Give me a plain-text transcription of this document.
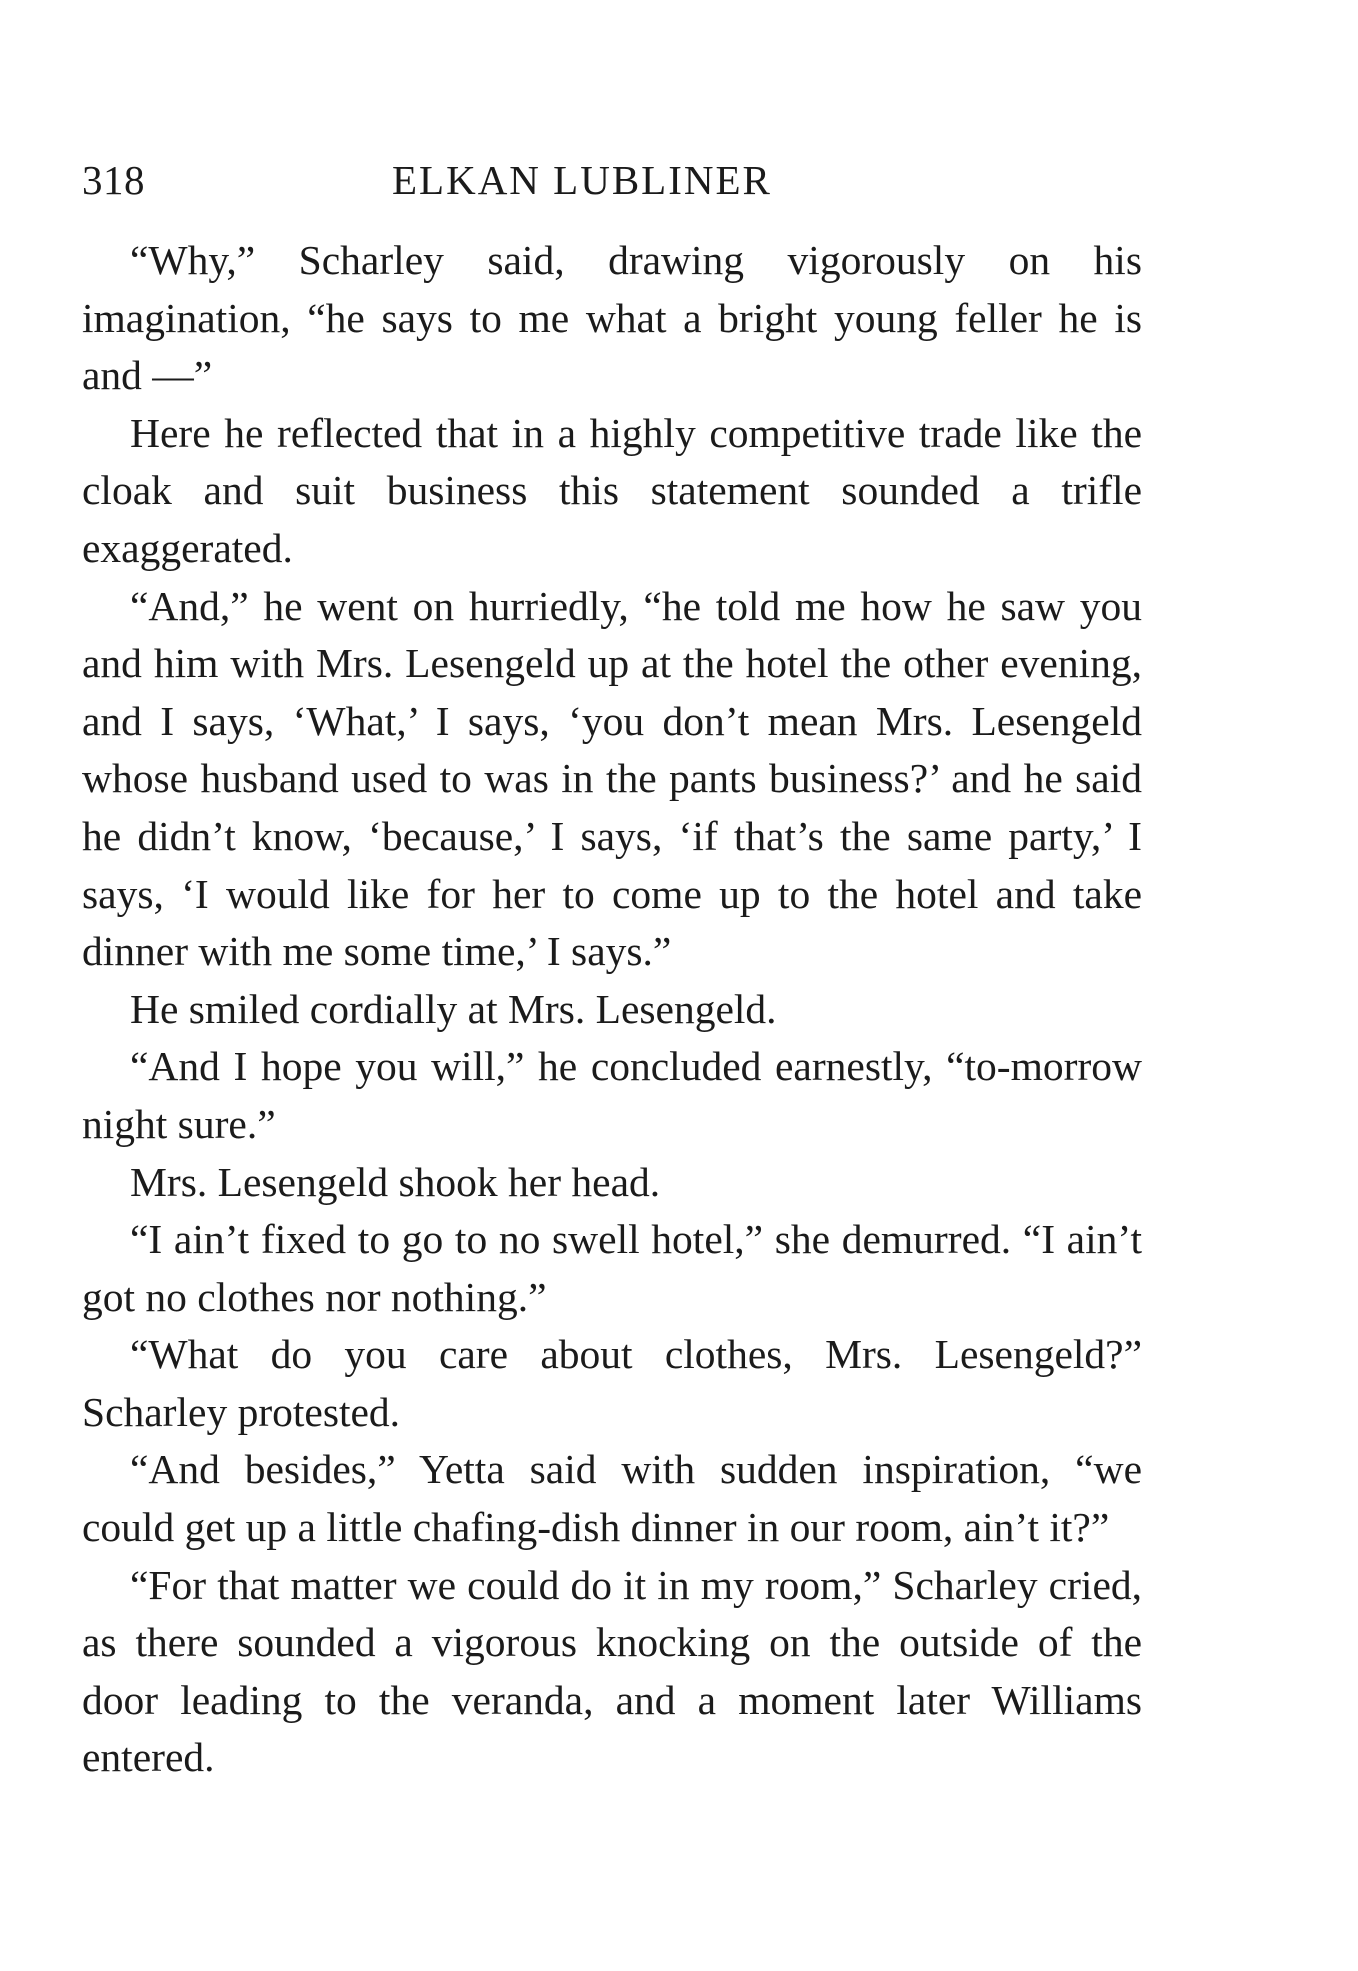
318	ELKAN LUBLINER

“Why,” Scharley said, drawing vigorously on his imagination, “he says to me what a bright young feller he is and —”

Here he reflected that in a highly competitive trade like the cloak and suit business this statement sounded a trifle exaggerated.

“And,” he went on hurriedly, “he told me how he saw you and him with Mrs. Lesengeld up at the hotel the other evening, and I says, ‘What,’ I says, ‘you don’t mean Mrs. Lesengeld whose husband used to was in the pants business?’ and he said he didn’t know, ‘because,’ I says, ‘if that’s the same party,’ I says, ‘I would like for her to come up to the hotel and take dinner with me some time,’ I says.”

He smiled cordially at Mrs. Lesengeld.

“And I hope you will,” he concluded earnestly, “to-morrow night sure.”

Mrs. Lesengeld shook her head.

“I ain’t fixed to go to no swell hotel,” she demurred. “I ain’t got no clothes nor nothing.”

“What do you care about clothes, Mrs. Lesengeld?” Scharley protested.

“And besides,” Yetta said with sudden inspiration, “we could get up a little chafing-dish dinner in our room, ain’t it?”

“For that matter we could do it in my room,” Scharley cried, as there sounded a vigorous knocking on the outside of the door leading to the veranda, and a moment later Williams entered.
